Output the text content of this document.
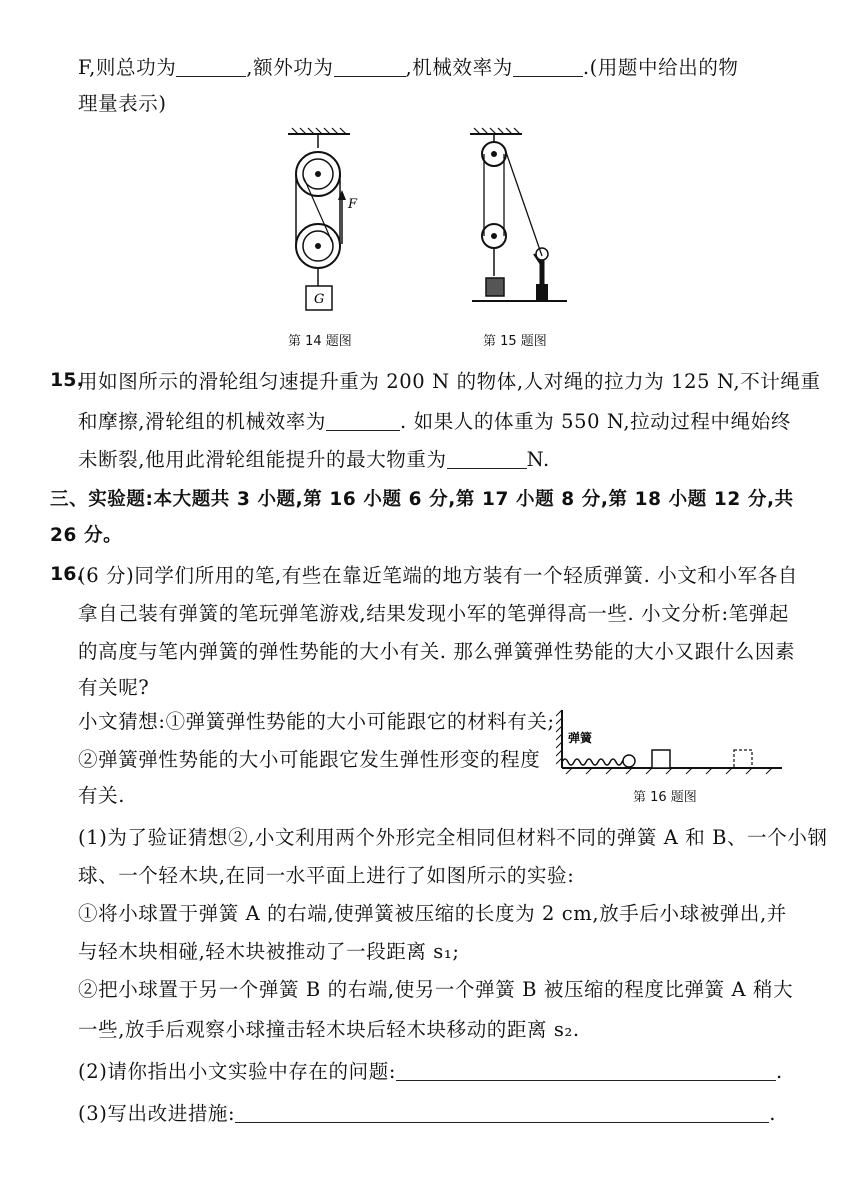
F,则总功为	,额外功为	,机械效率为	.(用题中给出的物
理量表示)
F
G
第 14 题图	第 15 题图
15.
用如图所示的滑轮组匀速提升重为 200 N 的物体,人对绳的拉力为 125 N,不计绳重
和摩擦,滑轮组的机械效率为	. 如果人的体重为 550 N,拉动过程中绳始终
未断裂,他用此滑轮组能提升的最大物重为	N.
三、实验题:本大题共 3 小题,第 16 小题 6 分,第 17 小题 8 分,第 18 小题 12 分,共
26 分。
16.
(6 分)同学们所用的笔,有些在靠近笔端的地方装有一个轻质弹簧. 小文和小军各自
拿自己装有弹簧的笔玩弹笔游戏,结果发现小军的笔弹得高一些. 小文分析:笔弹起
的高度与笔内弹簧的弹性势能的大小有关. 那么弹簧弹性势能的大小又跟什么因素
有关呢?
小文猜想:①弹簧弹性势能的大小可能跟它的材料有关;
②弹簧弹性势能的大小可能跟它发生弹性形变的程度
有关.
弹簧
第 16 题图
(1)为了验证猜想②,小文利用两个外形完全相同但材料不同的弹簧 A 和 B、一个小钢
球、一个轻木块,在同一水平面上进行了如图所示的实验:
①将小球置于弹簧 A 的右端,使弹簧被压缩的长度为 2 cm,放手后小球被弹出,并
与轻木块相碰,轻木块被推动了一段距离 s₁;
②把小球置于另一个弹簧 B 的右端,使另一个弹簧 B 被压缩的程度比弹簧 A 稍大
一些,放手后观察小球撞击轻木块后轻木块移动的距离 s₂.
(2)请你指出小文实验中存在的问题:	.
(3)写出改进措施:	.
